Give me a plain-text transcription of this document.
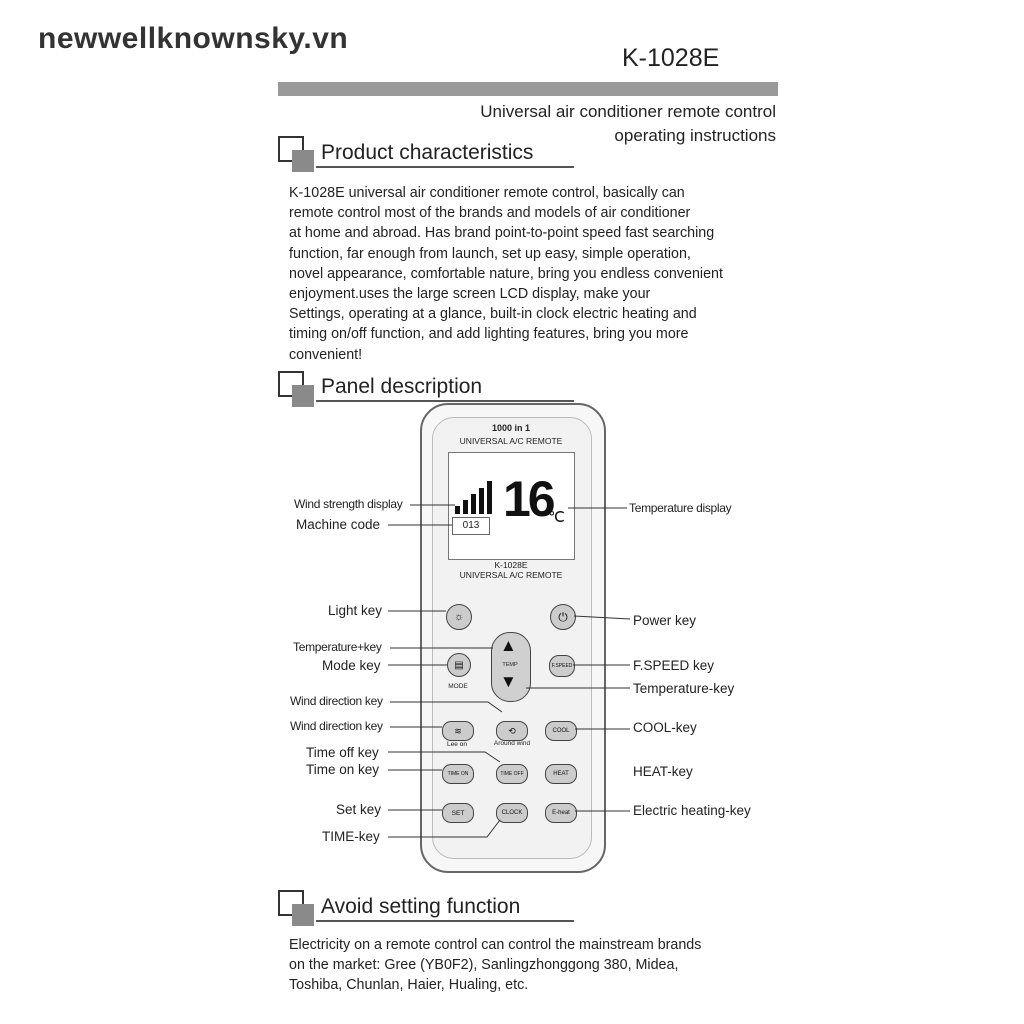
newwellknownsky.vn
K-1028E
Universal air conditioner remote control
operating instructions
Product characteristics
K-1028E universal air conditioner remote control, basically can
remote control most of the brands and models of air conditioner
at home and abroad. Has brand point-to-point speed fast searching
function, far enough from launch, set up easy, simple operation,
novel appearance, comfortable nature, bring you endless convenient
enjoyment.uses the large screen LCD display, make your
Settings, operating at a glance, built-in clock electric heating and
timing on/off function, and add lighting features, bring you more
convenient!
Panel description
1000 in 1
UNIVERSAL A/C REMOTE
013 16
℃
K-1028E
UNIVERSAL A/C REMOTE
☼	⏻
▲
TEMP
▼
▤
MODE
F.SPEED
≋
Lee on
⟲
Around wind
COOL
TIME ON	TIME OFF	HEAT
SET	CLOCK	E-heat
Wind strength display
Machine code
Temperature display
Light key
Power key
Temperature+key
Mode key	F.SPEED key
Temperature-key
Wind direction key
Wind direction key	COOL-key
Time off key
Time on key	HEAT-key
Set key	Electric heating-key
TIME-key
Avoid setting function
Electricity on a remote control can control the mainstream brands
on the market: Gree (YB0F2), Sanlingzhonggong 380, Midea,
Toshiba, Chunlan, Haier, Hualing, etc.
